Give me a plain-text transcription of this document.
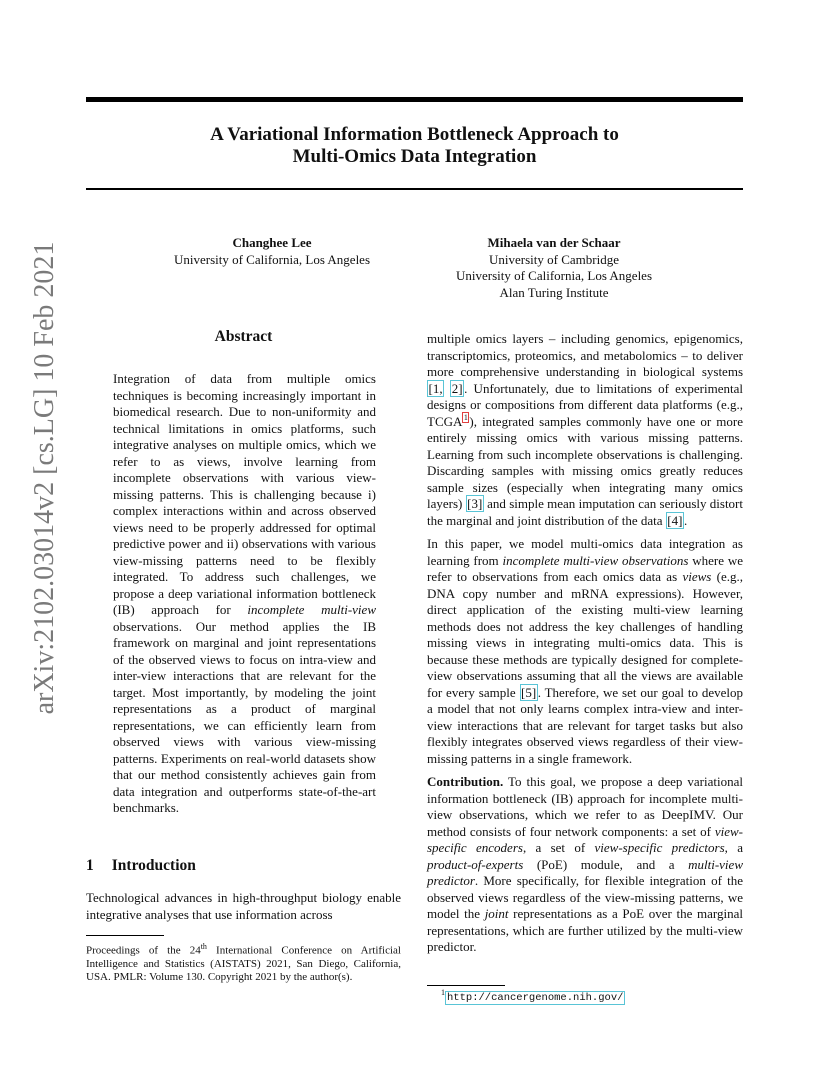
A Variational Information Bottleneck Approach to
Multi-Omics Data Integration
Changhee Lee
University of California, Los Angeles
Mihaela van der Schaar
University of Cambridge
University of California, Los Angeles
Alan Turing Institute
arXiv:2102.03014v2 [cs.LG] 10 Feb 2021	Abstract

Integration of data from multiple omics techniques is becoming increasingly important in biomedical research. Due to non-uniformity and technical limitations in omics platforms, such integrative analyses on multiple omics, which we refer to as views, involve learning from incomplete observations with various view-missing patterns. This is challenging because i) complex interactions within and across observed views need to be properly addressed for optimal predictive power and ii) observations with various view-missing patterns need to be flexibly integrated. To address such challenges, we propose a deep variational information bottleneck (IB) approach for incomplete multi-view observations. Our method applies the IB framework on marginal and joint representations of the observed views to focus on intra-view and inter-view interactions that are relevant for the target. Most importantly, by modeling the joint representations as a product of marginal representations, we can efficiently learn from observed views with various view-missing patterns. Experiments on real-world datasets show that our method consistently achieves gain from data integration and outperforms state-of-the-art benchmarks.

1 Introduction

Technological advances in high-throughput biology enable integrative analyses that use information across

Proceedings of the 24th International Conference on Artificial Intelligence and Statistics (AISTATS) 2021, San Diego, California, USA. PMLR: Volume 130. Copyright 2021 by the author(s).

multiple omics layers – including genomics, epigenomics, transcriptomics, proteomics, and metabolomics – to deliver more comprehensive understanding in biological systems [1, 2] . Unfortunately, due to limitations of experimental designs or compositions from different data platforms (e.g., TCGA $^1$ ), integrated samples commonly have one or more entirely missing omics with various missing patterns. Learning from such incomplete observations is challenging. Discarding samples with missing omics greatly reduces sample sizes (especially when integrating many omics layers) [3] and simple mean imputation can seriously distort the marginal and joint distribution of the data [4] .

In this paper, we model multi-omics data integration as learning from incomplete multi-view observations where we refer to observations from each omics data as views (e.g., DNA copy number and mRNA expressions). However, direct application of the existing multi-view learning methods does not address the key challenges of handling missing views in integrating multi-omics data. This is because these methods are typically designed for complete-view observations assuming that all the views are available for every sample [5] . Therefore, we set our goal to develop a model that not only learns complex intra-view and inter-view interactions that are relevant for target tasks but also flexibly integrates observed views regardless of their view-missing patterns in a single framework.

Contribution. To this goal, we propose a deep variational information bottleneck (IB) approach for incomplete multi-view observations, which we refer to as DeepIMV. Our method consists of four network components: a set of view-specific encoders, a set of view-specific predictors, a product-of-experts (PoE) module, and a multi-view predictor. More specifically, for flexible integration of the observed views regardless of the view-missing patterns, we model the joint representations as a PoE over the marginal representations, which are further utilized by the multi-view predictor.

$^1$ http://cancergenome.nih.gov/
